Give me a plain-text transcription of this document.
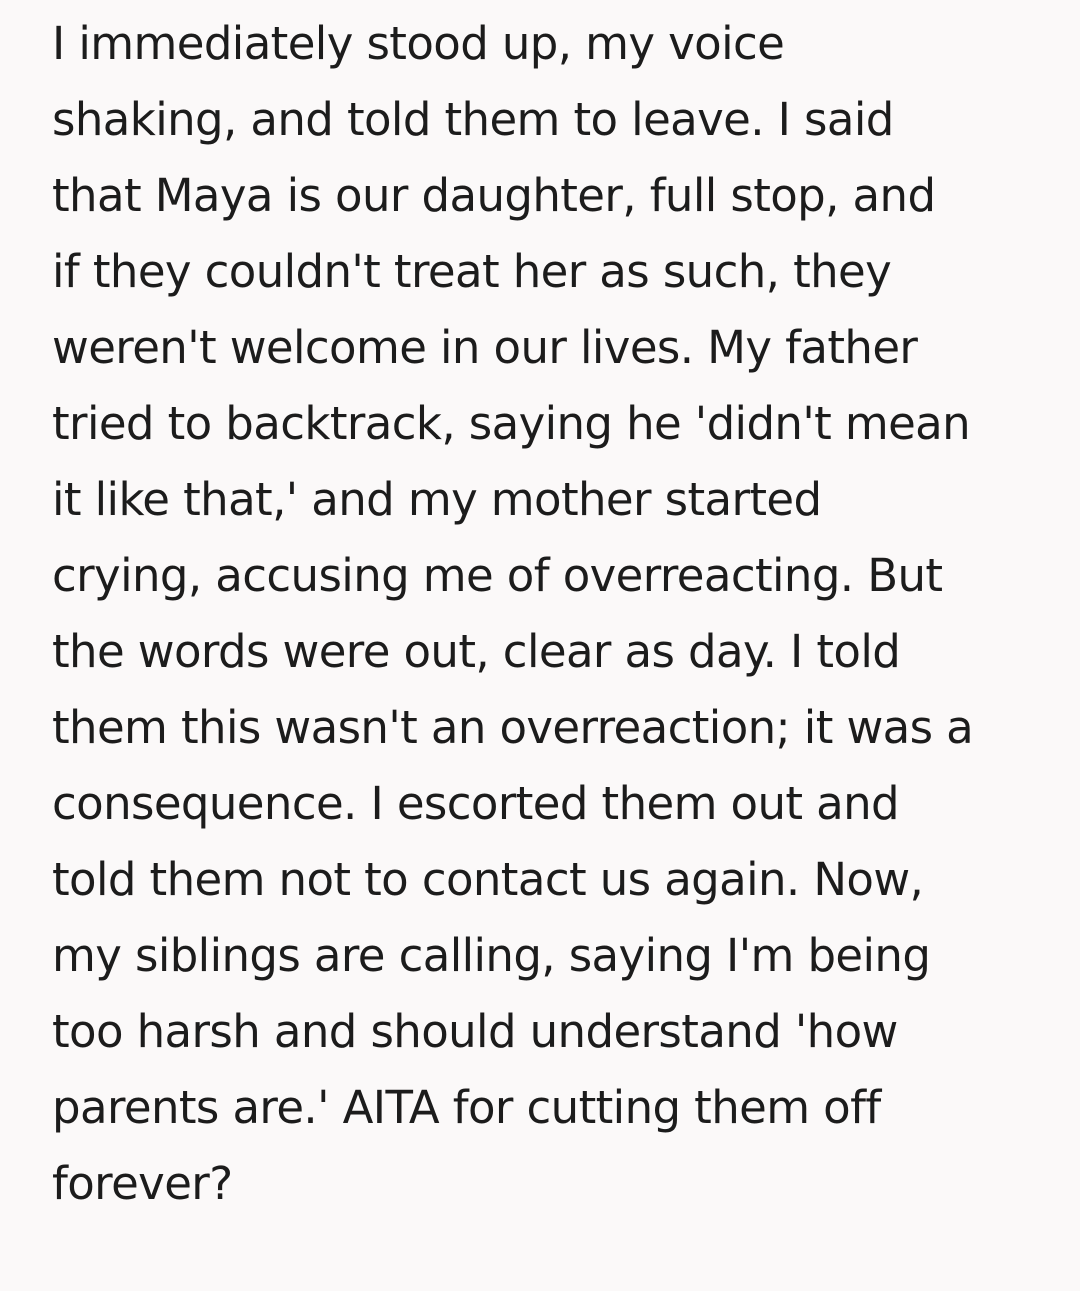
I immediately stood up, my voice
shaking, and told them to leave. I said
that Maya is our daughter, full stop, and
if they couldn't treat her as such, they
weren't welcome in our lives. My father
tried to backtrack, saying he 'didn't mean
it like that,' and my mother started
crying, accusing me of overreacting. But
the words were out, clear as day. I told
them this wasn't an overreaction; it was a
consequence. I escorted them out and
told them not to contact us again. Now,
my siblings are calling, saying I'm being
too harsh and should understand 'how
parents are.' AITA for cutting them off
forever?
